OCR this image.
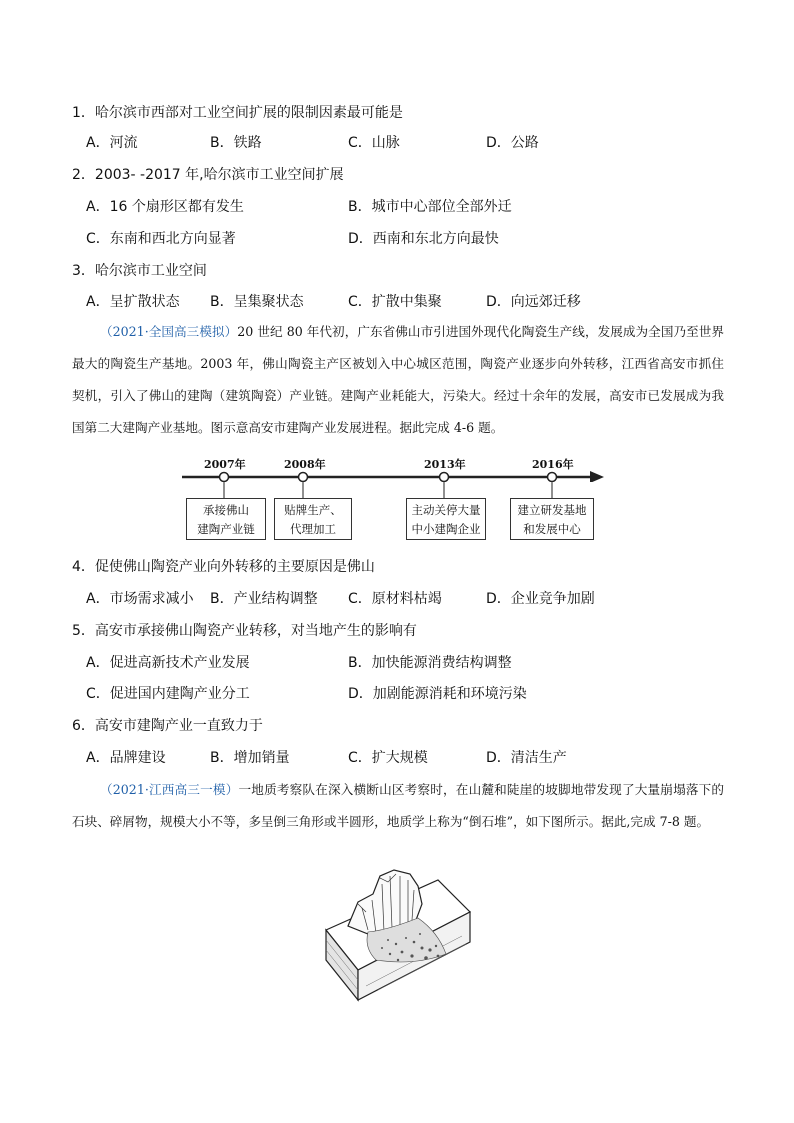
1．哈尔滨市西部对工业空间扩展的限制因素最可能是
A．河流	B．铁路	C．山脉	D．公路
2．2003- -2017 年,哈尔滨市工业空间扩展
A．16 个扇形区都有发生	B．城市中心部位全部外迁
C．东南和西北方向显著	D．西南和东北方向最快
3．哈尔滨市工业空间
A．呈扩散状态 B．呈集聚状态	C．扩散中集聚	D．向远郊迁移
（2021·全国高三模拟）20 世纪 80 年代初，广东省佛山市引进国外现代化陶瓷生产线，发展成为全国乃至世界最大的陶瓷生产基地。2003 年，佛山陶瓷主产区被划入中心城区范围，陶瓷产业逐步向外转移，江西省高安市抓住契机，引入了佛山的建陶（建筑陶瓷）产业链。建陶产业耗能大，污染大。经过十余年的发展，高安市已发展成为我国第二大建陶产业基地。图示意高安市建陶产业发展进程。据此完成 4-6 题。
2007年	2008年	2013年	2016年
承接佛山
建陶产业链
贴牌生产、
代理加工
主动关停大量
中小建陶企业
建立研发基地
和发展中心
4．促使佛山陶瓷产业向外转移的主要原因是佛山
A．市场需求减小 B．产业结构调整 C．原材料枯竭	D．企业竞争加剧
5．高安市承接佛山陶瓷产业转移，对当地产生的影响有
A．促进高新技术产业发展	B．加快能源消费结构调整
C．促进国内建陶产业分工	D．加剧能源消耗和环境污染
6．高安市建陶产业一直致力于
A．品牌建设	B．增加销量	C．扩大规模	D．清洁生产
（2021·江西高三一模）一地质考察队在深入横断山区考察时，在山麓和陡崖的坡脚地带发现了大量崩塌落下的石块、碎屑物，规模大小不等，多呈倒三角形或半圆形，地质学上称为“倒石堆”，如下图所示。据此,完成 7-8 题。
